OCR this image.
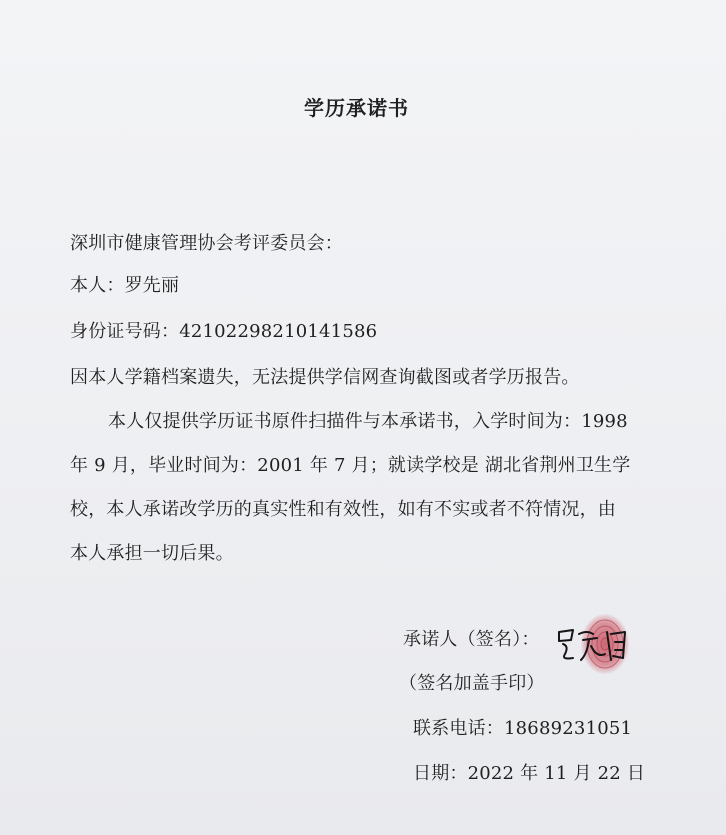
学历承诺书
深圳市健康管理协会考评委员会：
本人：罗先丽
身份证号码：42102298210141586
因本人学籍档案遗失，无法提供学信网查询截图或者学历报告。
本人仅提供学历证书原件扫描件与本承诺书，入学时间为：1998
年 9 月，毕业时间为：2001 年 7 月；就读学校是 湖北省荆州卫生学
校，本人承诺改学历的真实性和有效性，如有不实或者不符情况，由
本人承担一切后果。
承诺人（签名）：
（签名加盖手印）
联系电话：18689231051
日期：2022 年 11 月 22 日
